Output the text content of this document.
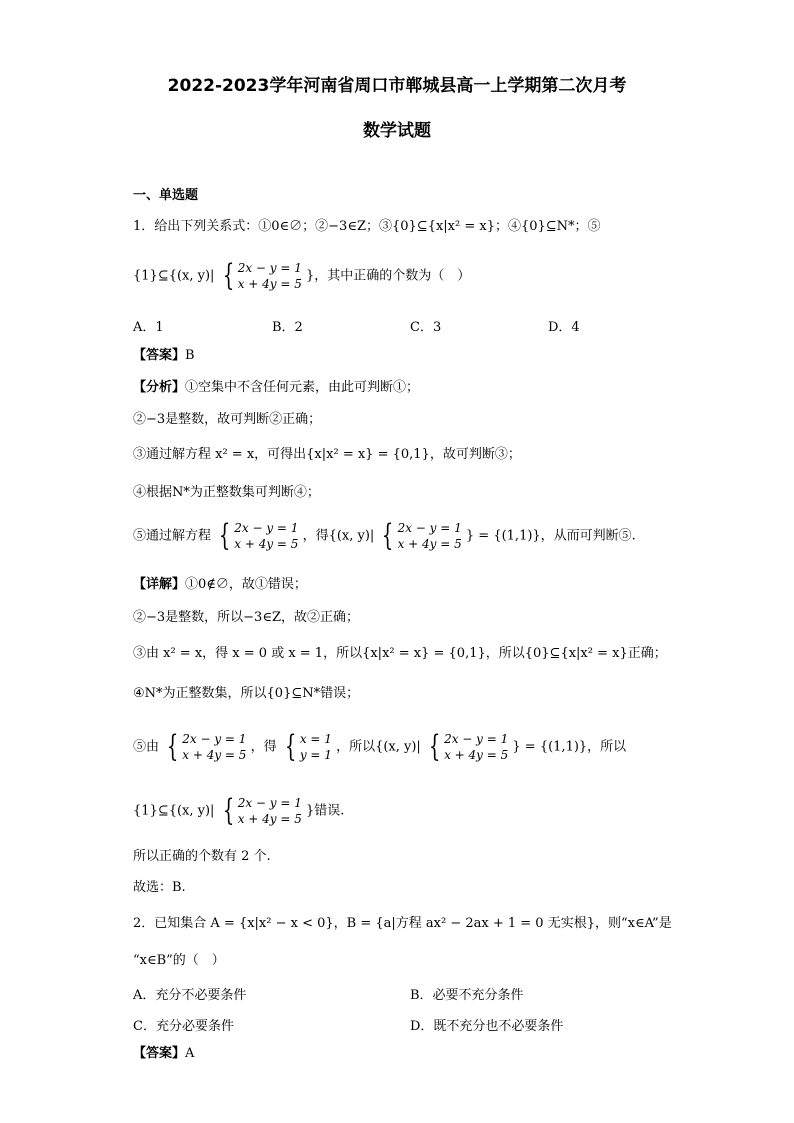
2022-2023学年河南省周口市郸城县高一上学期第二次月考
数学试题
一、单选题
1．给出下列关系式：①0∈∅；②−3∈Z；③{0}⊆{x|x² = x}；④{0}⊆N*；⑤
{1}⊆{(x, y)| { 2x − y = 1
x + 4y = 5
}，其中正确的个数为（　）
A．1	B．2	C．3	D．4
【答案】B
【分析】①空集中不含任何元素，由此可判断①；
②−3是整数，故可判断②正确；
③通过解方程 x² = x，可得出{x|x² = x} = {0,1}，故可判断③；
④根据N*为正整数集可判断④；
⑤通过解方程 { 2x − y = 1
x + 4y = 5
，得{(x, y)| { 2x − y = 1
x + 4y = 5
} = {(1,1)}，从而可判断⑤.
【详解】①0∉∅，故①错误；
②−3是整数，所以−3∈Z，故②正确；
③由 x² = x，得 x = 0 或 x = 1，所以{x|x² = x} = {0,1}，所以{0}⊆{x|x² = x}正确；
④N*为正整数集，所以{0}⊆N*错误；
⑤由 { 2x − y = 1
x + 4y = 5
，得 { x = 1
y = 1
，所以{(x, y)| { 2x − y = 1
x + 4y = 5
} = {(1,1)}，所以
{1}⊆{(x, y)| { 2x − y = 1
x + 4y = 5
}错误.
所以正确的个数有 2 个.
故选：B.
2．已知集合 A = {x|x² − x < 0}，B = {a|方程 ax² − 2ax + 1 = 0 无实根}，则“x∈A”是
“x∈B”的（　）
A．充分不必要条件	B．必要不充分条件
C．充分必要条件	D．既不充分也不必要条件
【答案】A
